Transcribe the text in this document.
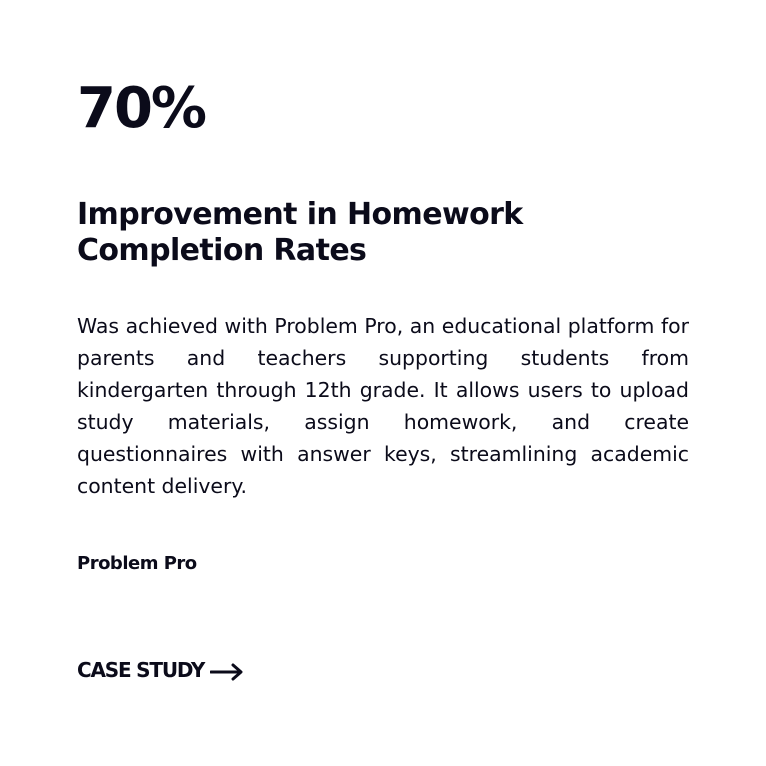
70%
Improvement in Homework
Completion Rates

Was achieved with Problem Pro, an educational platform for parents and teachers supporting students from kindergarten through 12th grade. It allows users to upload study materials, assign homework, and create questionnaires with answer keys, streamlining academic content delivery.

Problem Pro

CASE STUDY
